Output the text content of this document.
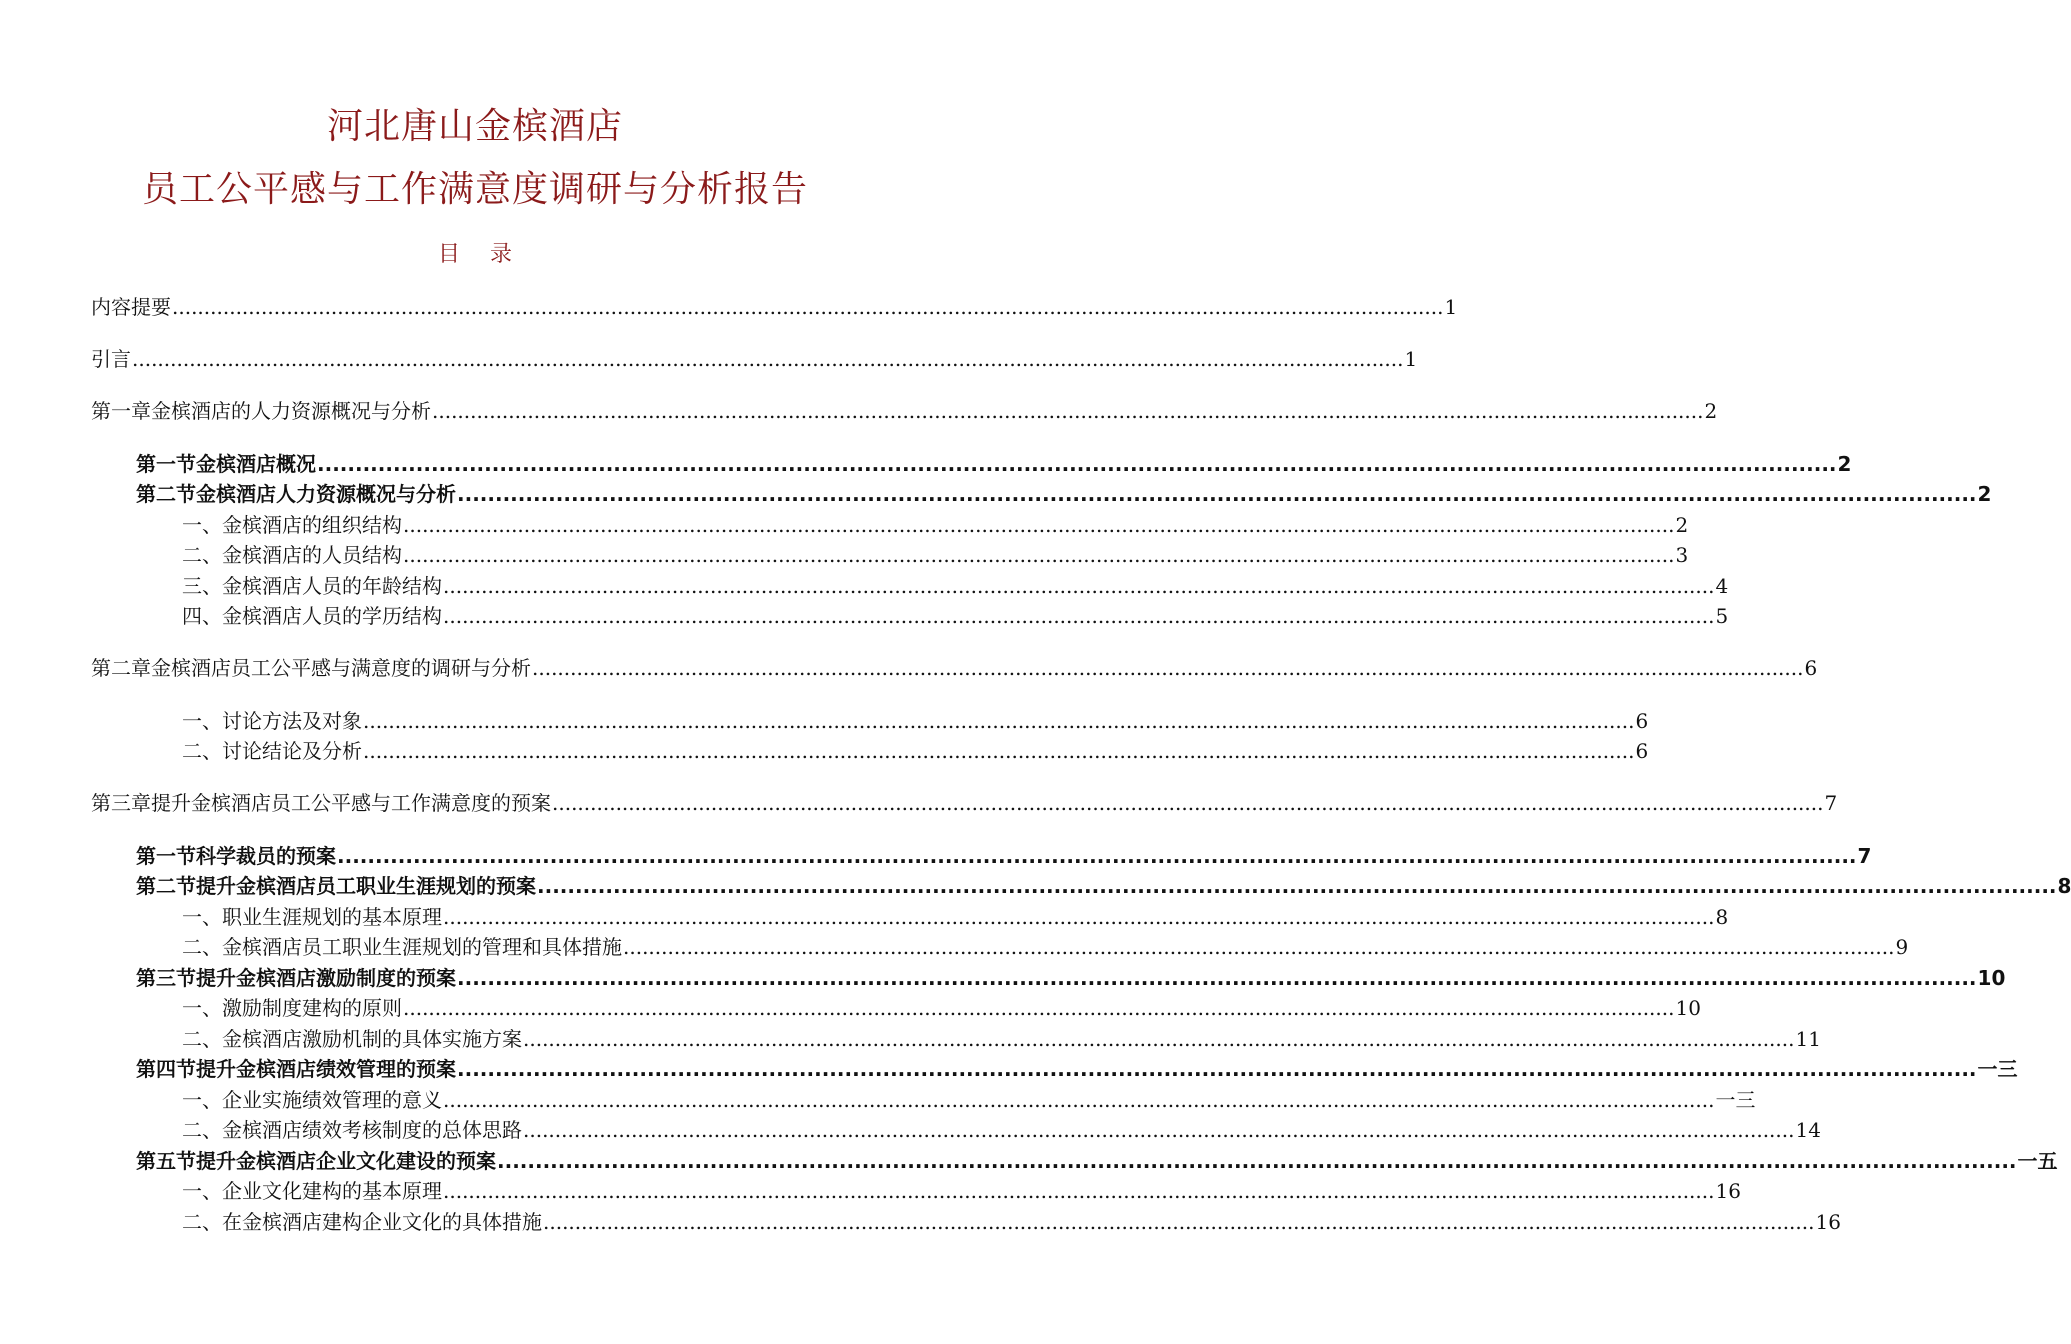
河北唐山金槟酒店
员工公平感与工作满意度调研与分析报告
目 录
内容提要 ........................................................................................................................................................................................................ 1
引言 ........................................................................................................................................................................................................ 1
第一章 金槟酒店的人力资源概况与分析 ........................................................................................................................................................................................................ 2
第一节 金槟酒店概况 ........................................................................................................................................................................................................ 2
第二节 金槟酒店人力资源概况与分析 ........................................................................................................................................................................................................ 2
一、金槟酒店的组织结构 ........................................................................................................................................................................................................ 2
二、金槟酒店的人员结构 ........................................................................................................................................................................................................ 3
三、金槟酒店人员的年龄结构 ........................................................................................................................................................................................................ 4
四、金槟酒店人员的学历结构 ........................................................................................................................................................................................................ 5
第二章 金槟酒店员工公平感与满意度的调研与分析 ........................................................................................................................................................................................................ 6
一、讨论方法及对象 ........................................................................................................................................................................................................ 6
二、讨论结论及分析 ........................................................................................................................................................................................................ 6
第三章 提升金槟酒店员工公平感与工作满意度的预案 ........................................................................................................................................................................................................ 7
第一节 科学裁员的预案 ........................................................................................................................................................................................................ 7
第二节 提升金槟酒店员工职业生涯规划的预案 ........................................................................................................................................................................................................ 8
一、职业生涯规划的基本原理 ........................................................................................................................................................................................................ 8
二、金槟酒店员工职业生涯规划的管理和具体措施 ........................................................................................................................................................................................................ 9
第三节 提升金槟酒店激励制度的预案 ........................................................................................................................................................................................................ 10
一、激励制度建构的原则 ........................................................................................................................................................................................................ 10
二、金槟酒店激励机制的具体实施方案 ........................................................................................................................................................................................................ 11
第四节 提升金槟酒店绩效管理的预案 ........................................................................................................................................................................................................ 一三
一、企业实施绩效管理的意义 ........................................................................................................................................................................................................ 一三
二、金槟酒店绩效考核制度的总体思路 ........................................................................................................................................................................................................ 14
第五节 提升金槟酒店企业文化建设的预案 ........................................................................................................................................................................................................ 一五
一、企业文化建构的基本原理 ........................................................................................................................................................................................................ 16
二、在金槟酒店建构企业文化的具体措施 ........................................................................................................................................................................................................ 16
